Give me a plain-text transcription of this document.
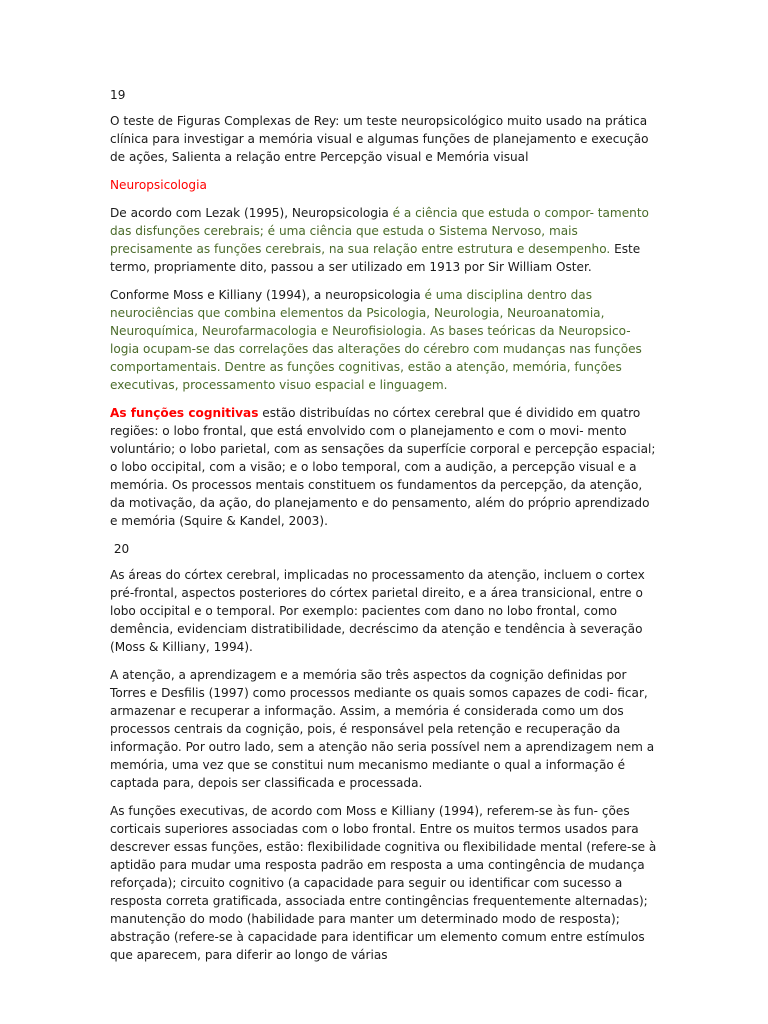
19

O teste de Figuras Complexas de Rey: um teste neuropsicológico muito usado na prática clínica para investigar a memória visual e algumas funções de planejamento e execução de ações, Salienta a relação entre Percepção visual e Memória visual

Neuropsicologia

De acordo com Lezak (1995), Neuropsicologia é a ciência que estuda o compor- tamento das disfunções cerebrais; é uma ciência que estuda o Sistema Nervoso, mais precisamente as funções cerebrais, na sua relação entre estrutura e desempenho. Este termo, propriamente dito, passou a ser utilizado em 1913 por Sir William Oster.

Conforme Moss e Killiany (1994), a neuropsicologia é uma disciplina dentro das neurociências que combina elementos da Psicologia, Neurologia, Neuroanatomia, Neuroquímica, Neurofarmacologia e Neurofisiologia. As bases teóricas da Neuropsico- logia ocupam-se das correlações das alterações do cérebro com mudanças nas funções comportamentais. Dentre as funções cognitivas, estão a atenção, memória, funções executivas, processamento visuo espacial e linguagem.

As funções cognitivas estão distribuídas no córtex cerebral que é dividido em quatro regiões: o lobo frontal, que está envolvido com o planejamento e com o movi- mento voluntário; o lobo parietal, com as sensações da superfície corporal e percepção espacial; o lobo occipital, com a visão; e o lobo temporal, com a audição, a percepção visual e a memória. Os processos mentais constituem os fundamentos da percepção, da atenção, da motivação, da ação, do planejamento e do pensamento, além do próprio aprendizado e memória (Squire & Kandel, 2003).

20

As áreas do córtex cerebral, implicadas no processamento da atenção, incluem o cortex pré-frontal, aspectos posteriores do córtex parietal direito, e a área transicional, entre o lobo occipital e o temporal. Por exemplo: pacientes com dano no lobo frontal, como demência, evidenciam distratibilidade, decréscimo da atenção e tendência à severação (Moss & Killiany, 1994).

A atenção, a aprendizagem e a memória são três aspectos da cognição definidas por Torres e Desfilis (1997) como processos mediante os quais somos capazes de codi- ficar, armazenar e recuperar a informação. Assim, a memória é considerada como um dos processos centrais da cognição, pois, é responsável pela retenção e recuperação da informação. Por outro lado, sem a atenção não seria possível nem a aprendizagem nem a memória, uma vez que se constitui num mecanismo mediante o qual a informação é captada para, depois ser classificada e processada.

As funções executivas, de acordo com Moss e Killiany (1994), referem-se às fun- ções corticais superiores associadas com o lobo frontal. Entre os muitos termos usados para descrever essas funções, estão: flexibilidade cognitiva ou flexibilidade mental (refere-se à aptidão para mudar uma resposta padrão em resposta a uma contingência de mudança reforçada); circuito cognitivo (a capacidade para seguir ou identificar com sucesso a resposta correta gratificada, associada entre contingências frequentemente alternadas); manutenção do modo (habilidade para manter um determinado modo de resposta); abstração (refere-se à capacidade para identificar um elemento comum entre estímulos que aparecem, para diferir ao longo de várias
